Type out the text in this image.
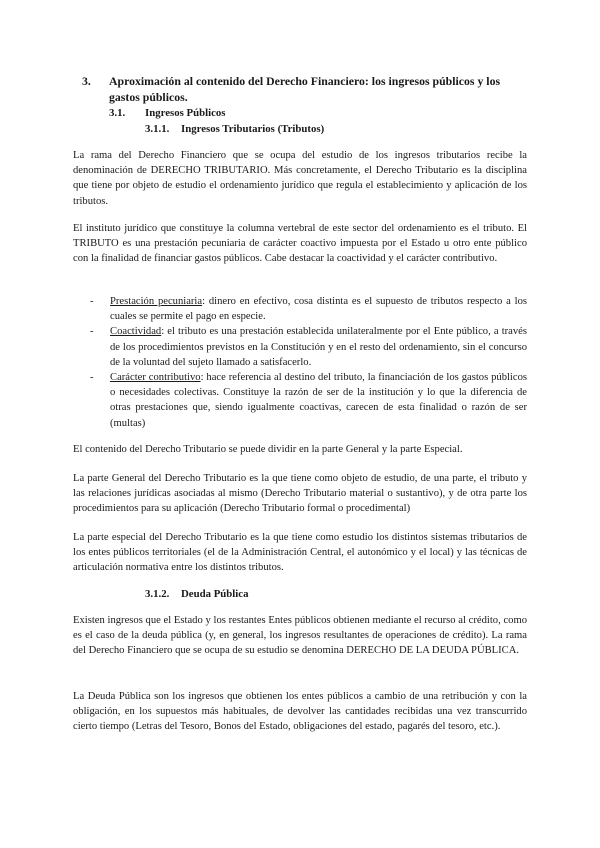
3. Aproximación al contenido del Derecho Financiero: los ingresos públicos y los gastos públicos.
3.1. Ingresos Públicos
3.1.1. Ingresos Tributarios (Tributos)
La rama del Derecho Financiero que se ocupa del estudio de los ingresos tributarios recibe la denominación de DERECHO TRIBUTARIO. Más concretamente, el Derecho Tributario es la disciplina que tiene por objeto de estudio el ordenamiento jurídico que regula el establecimiento y aplicación de los tributos.
El instituto jurídico que constituye la columna vertebral de este sector del ordenamiento es el tributo. El TRIBUTO es una prestación pecuniaria de carácter coactivo impuesta por el Estado u otro ente público con la finalidad de financiar gastos públicos. Cabe destacar la coactividad y el carácter contributivo.
- Prestación pecuniaria: dinero en efectivo, cosa distinta es el supuesto de tributos respecto a los cuales se permite el pago en especie.
- Coactividad: el tributo es una prestación establecida unilateralmente por el Ente público, a través de los procedimientos previstos en la Constitución y en el resto del ordenamiento, sin el concurso de la voluntad del sujeto llamado a satisfacerlo.
- Carácter contributivo: hace referencia al destino del tributo, la financiación de los gastos públicos o necesidades colectivas. Constituye la razón de ser de la institución y lo que la diferencia de otras prestaciones que, siendo igualmente coactivas, carecen de esta finalidad o razón de ser (multas)
El contenido del Derecho Tributario se puede dividir en la parte General y la parte Especial.
La parte General del Derecho Tributario es la que tiene como objeto de estudio, de una parte, el tributo y las relaciones jurídicas asociadas al mismo (Derecho Tributario material o sustantivo), y de otra parte los procedimientos para su aplicación (Derecho Tributario formal o procedimental)
La parte especial del Derecho Tributario es la que tiene como estudio los distintos sistemas tributarios de los entes públicos territoriales (el de la Administración Central, el autonómico y el local) y las técnicas de articulación normativa entre los distintos tributos.
3.1.2. Deuda Pública
Existen ingresos que el Estado y los restantes Entes públicos obtienen mediante el recurso al crédito, como es el caso de la deuda pública (y, en general, los ingresos resultantes de operaciones de crédito). La rama del Derecho Financiero que se ocupa de su estudio se denomina DERECHO DE LA DEUDA PÚBLICA.
La Deuda Pública son los ingresos que obtienen los entes públicos a cambio de una retribución y con la obligación, en los supuestos más habituales, de devolver las cantidades recibidas una vez transcurrido cierto tiempo (Letras del Tesoro, Bonos del Estado, obligaciones del estado, pagarés del tesoro, etc.).
